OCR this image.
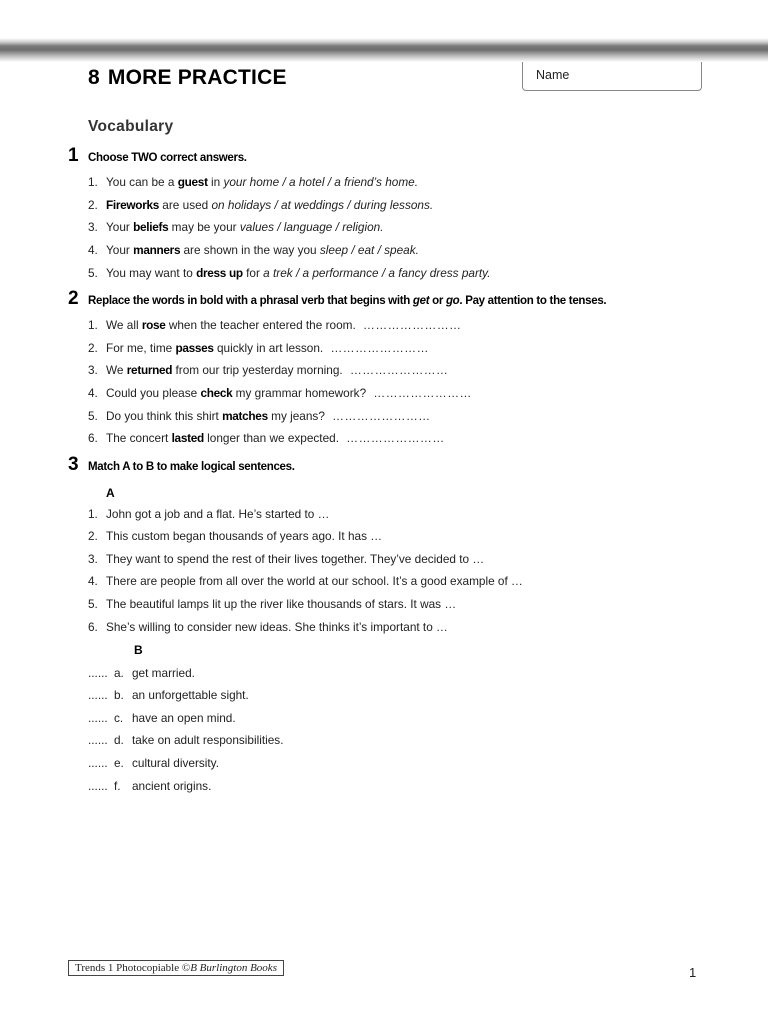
8 MORE PRACTICE	Name
Vocabulary
1 Choose TWO correct answers.
1. You can be a guest in your home / a hotel / a friend’s home.
2. Fireworks are used on holidays / at weddings / during lessons.
3. Your beliefs may be your values / language / religion.
4. Your manners are shown in the way you sleep / eat / speak.
5. You may want to dress up for a trek / a performance / a fancy dress party.
2 Replace the words in bold with a phrasal verb that begins with get or go. Pay attention to the tenses.
1. We all rose when the teacher entered the room. ……………………
2. For me, time passes quickly in art lesson. ……………………
3. We returned from our trip yesterday morning. ……………………
4. Could you please check my grammar homework? ……………………
5. Do you think this shirt matches my jeans? ……………………
6. The concert lasted longer than we expected. ……………………
3 Match A to B to make logical sentences.
A
1. John got a job and a flat. He’s started to …
2. This custom began thousands of years ago. It has …
3. They want to spend the rest of their lives together. They’ve decided to …
4. There are people from all over the world at our school. It’s a good example of …
5. The beautiful lamps lit up the river like thousands of stars. It was …
6. She’s willing to consider new ideas. She thinks it’s important to …
B
...... a. get married.
...... b. an unforgettable sight.
...... c. have an open mind.
...... d. take on adult responsibilities.
...... e. cultural diversity.
...... f. ancient origins.
Trends 1 Photocopiable ©B Burlington Books	1
